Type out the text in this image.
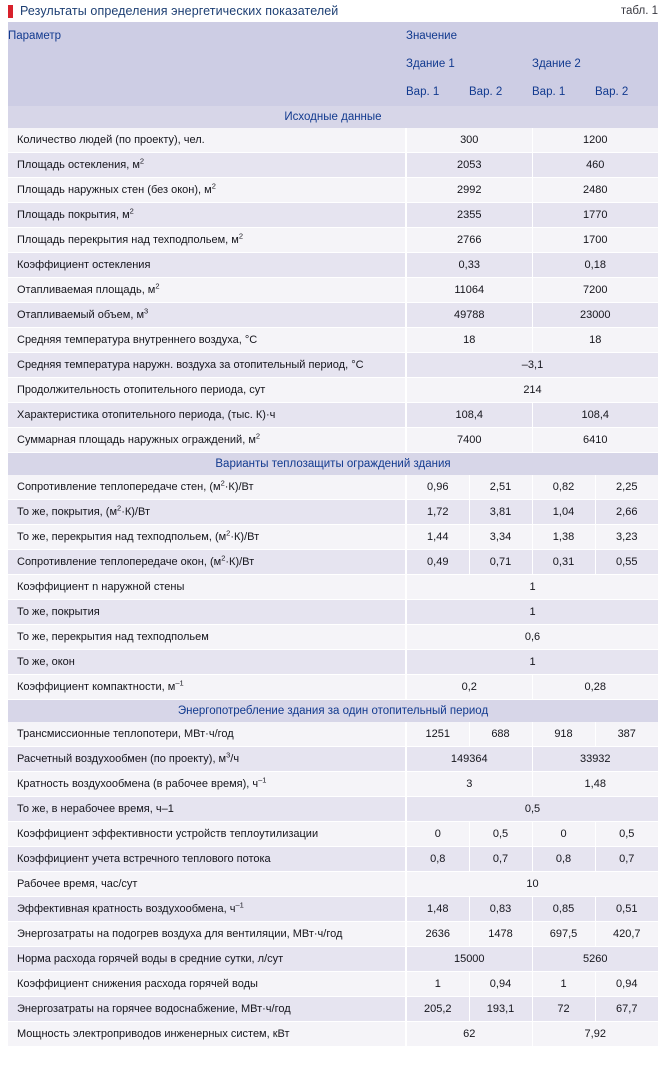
Результаты определения энергетических показателей	табл. 1
Параметр	Значение			
	Здание 1		Здание 2	
	Вар. 1	Вар. 2	Вар. 1	Вар. 2
Исходные данные				
Количество людей (по проекту), чел.	300		1200	
Площадь остекления, $м^2$	2053		460	
Площадь наружных стен (без окон), $м^2$	2992		2480	
Площадь покрытия, $м^2$	2355		1770	
Площадь перекрытия над техподпольем, $м^2$	2766		1700	
Коэффициент остекления	0,33		0,18	
Отапливаемая площадь, $м^2$	11064		7200	
Отапливаемый объем, $м^3$	49788		23000	
Средняя температура внутреннего воздуха, °С	18		18	
Средняя температура наружн. воздуха за отопительный период, °С	–3,1			
Продолжительность отопительного периода, сут	214			
Характеристика отопительного периода, (тыс. К)·ч	108,4		108,4	
Суммарная площадь наружных ограждений, $м^2$	7400		6410	
Варианты теплозащиты ограждений здания				
Сопротивление теплопередаче стен, $(м^2\cdot К)/Вт$	0,96	2,51	0,82	2,25
То же, покрытия, $(м^2\cdot К)/Вт$	1,72	3,81	1,04	2,66
То же, перекрытия над техподпольем, $(м^2\cdot К)/Вт$	1,44	3,34	1,38	3,23
Сопротивление теплопередаче окон, $(м^2\cdot К)/Вт$	0,49	0,71	0,31	0,55
Коэффициент n наружной стены	1			
То же, покрытия	1			
То же, перекрытия над техподпольем	0,6			
То же, окон	1			
Коэффициент компактности, $м^{-1}$	0,2		0,28	
Энергопотребление здания за один отопительный период				
Трансмиссионные теплопотери, МВт·ч/год	1251	688	918	387
Расчетный воздухообмен (по проекту), $м^3/ч$	149364		33932	
Кратность воздухообмена (в рабочее время), $ч^{-1}$	3		1,48	
То же, в нерабочее время, ч–1	0,5			
Коэффициент эффективности устройств теплоутилизации	0	0,5	0	0,5
Коэффициент учета встречного теплового потока	0,8	0,7	0,8	0,7
Рабочее время, час/сут	10			
Эффективная кратность воздухообмена, $ч^{-1}$	1,48	0,83	0,85	0,51
Энергозатраты на подогрев воздуха для вентиляции, МВт·ч/год	2636	1478	697,5	420,7
Норма расхода горячей воды в средние сутки, л/сут	15000		5260	
Коэффициент снижения расхода горячей воды	1	0,94	1	0,94
Энергозатраты на горячее водоснабжение, МВт·ч/год	205,2	193,1	72	67,7
Мощность электроприводов инженерных систем, кВт	62		7,92	
